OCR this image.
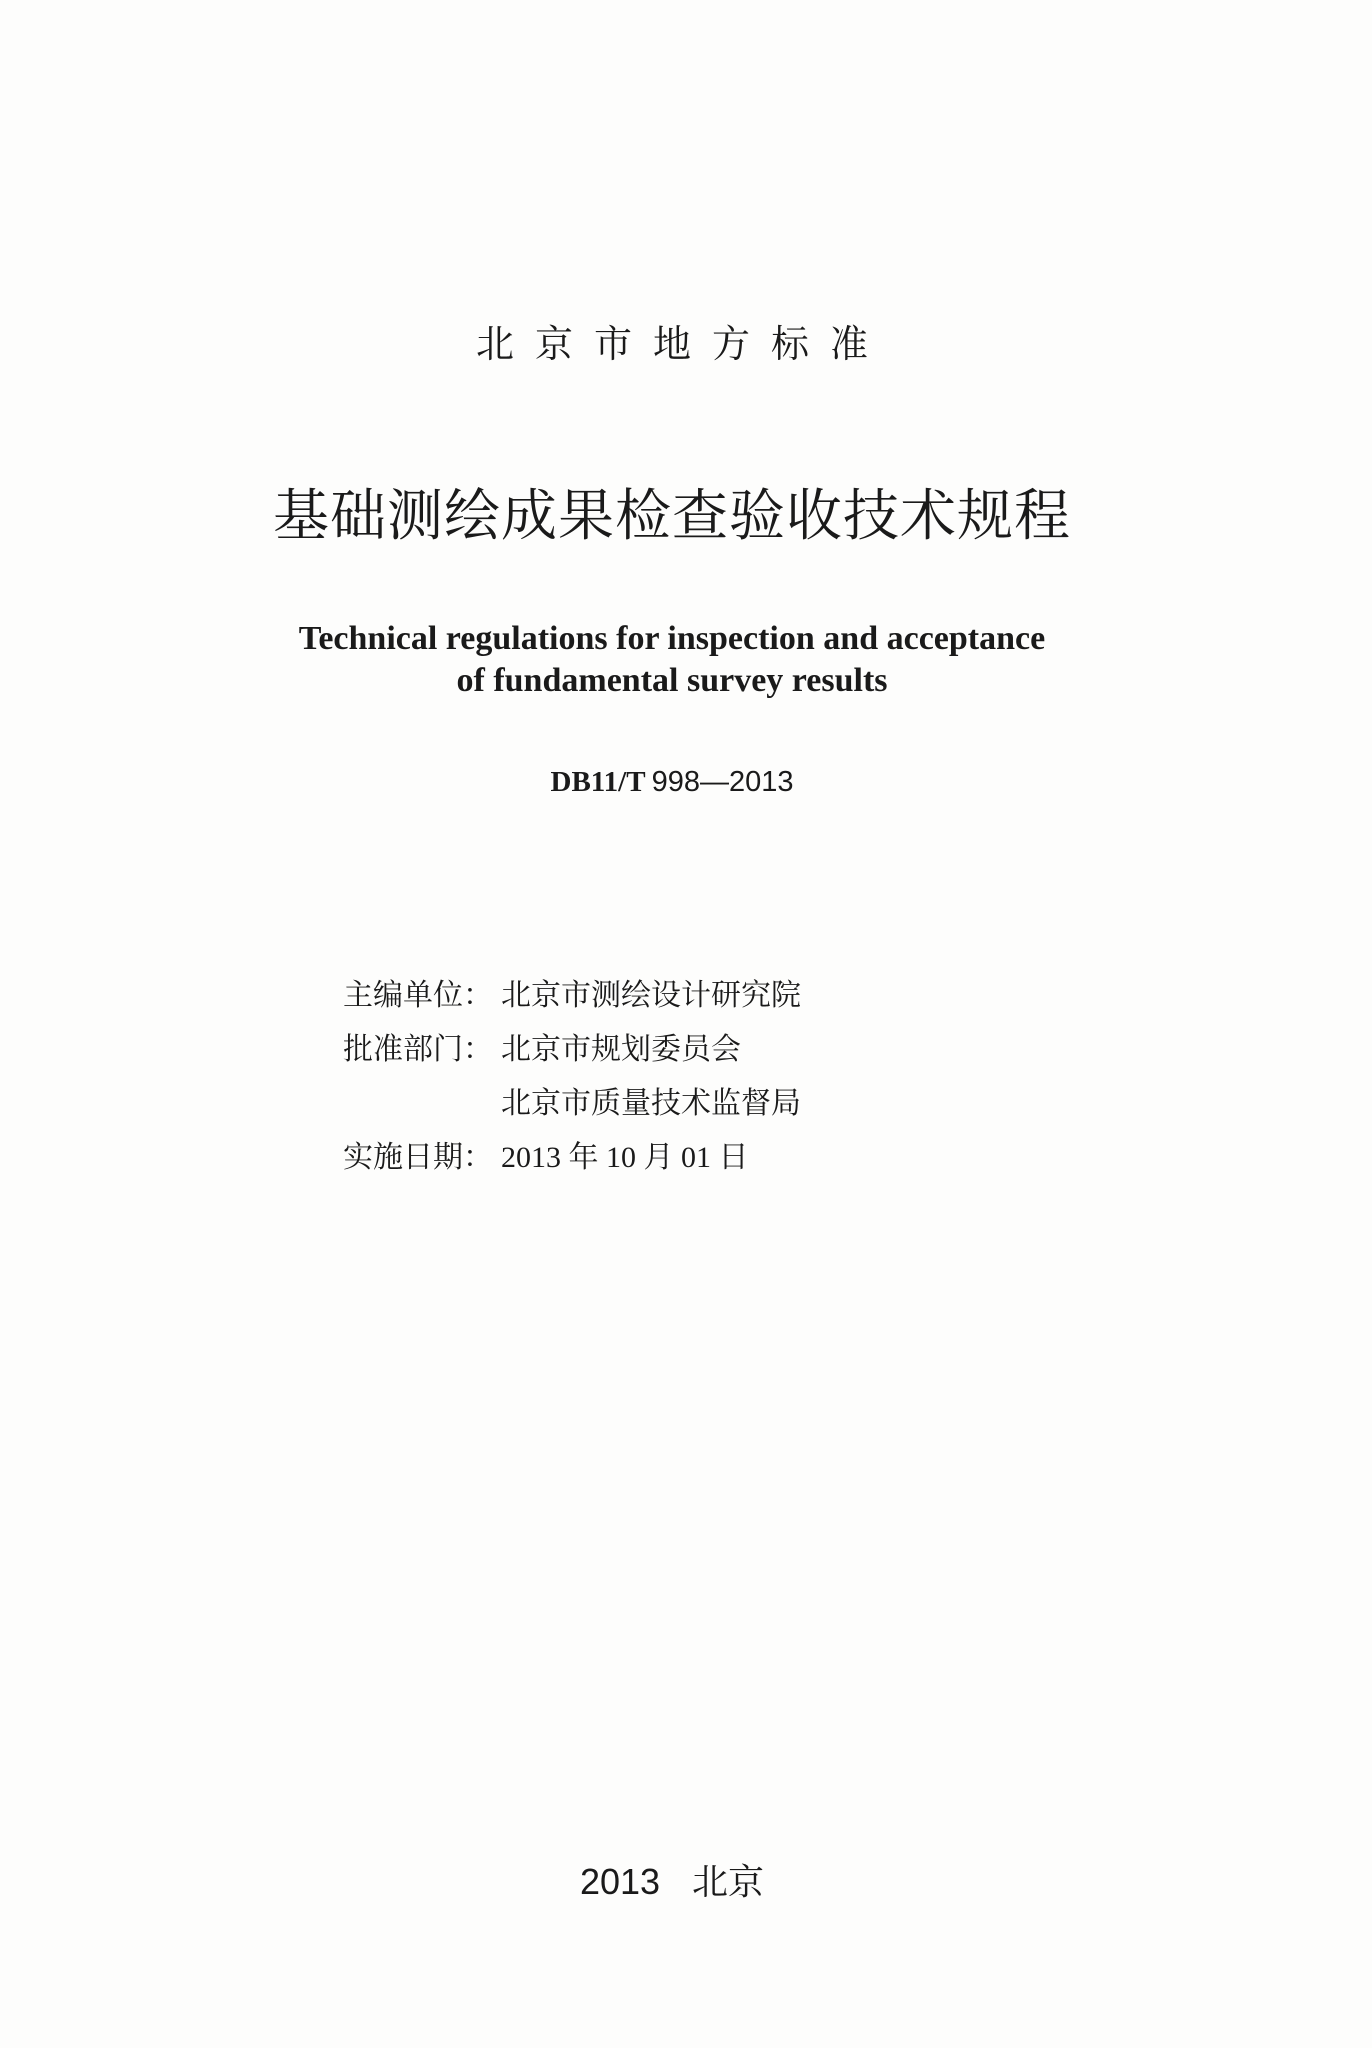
北京市地方标准
基础测绘成果检查验收技术规程
Technical regulations for inspection and acceptance
of fundamental survey results
DB11/T 998—2013
主编单位： 北京市测绘设计研究院
批准部门： 北京市规划委员会
北京市质量技术监督局
实施日期： 2013 年 10 月 01 日
2013 北京
